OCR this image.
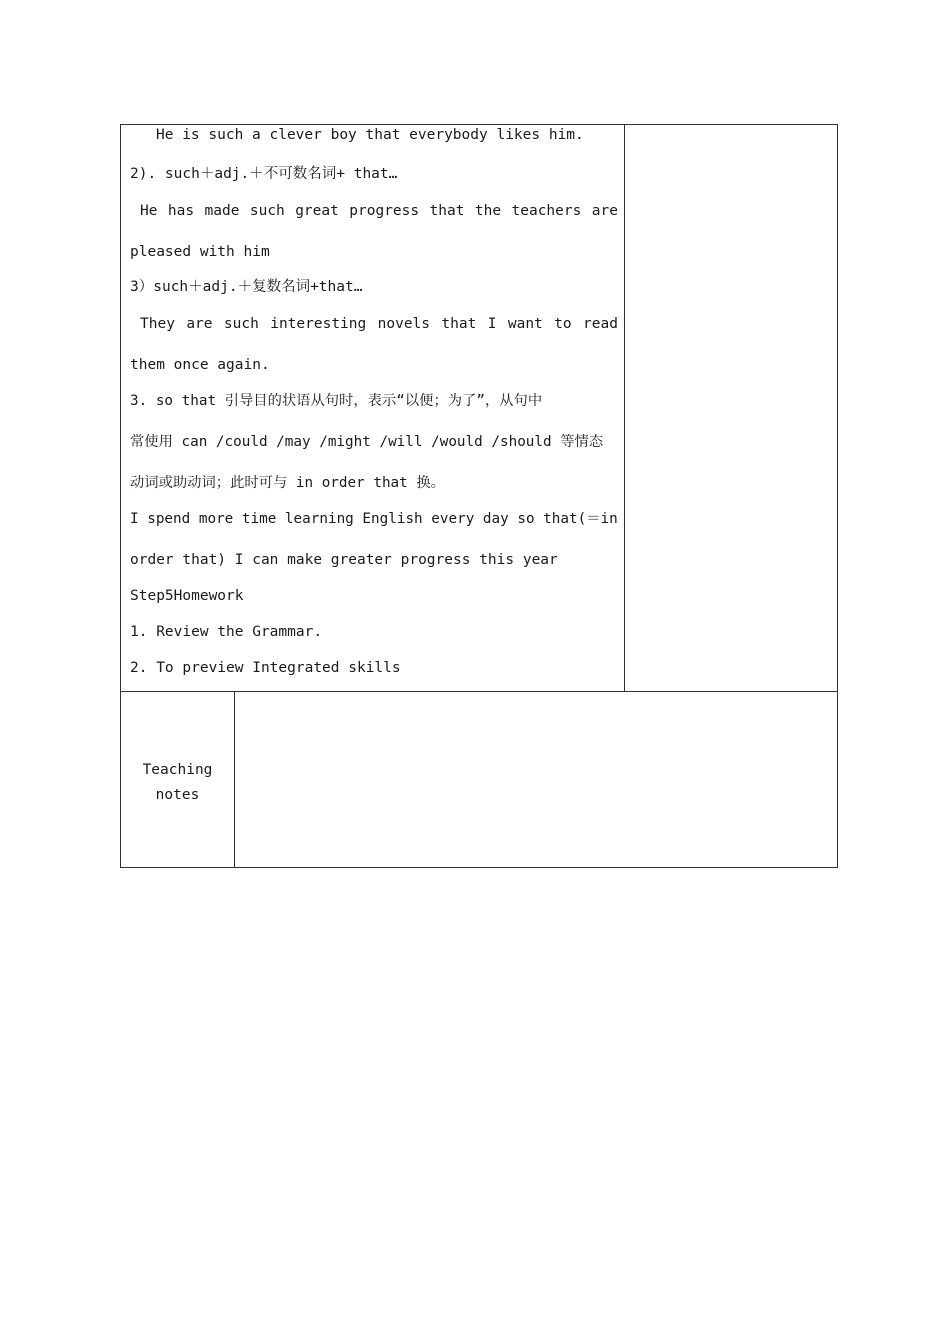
He is such a clever boy that everybody likes him.
2). such＋adj.＋不可数名词+ that…
He has made such great progress that the teachers are
pleased with him
3）such＋adj.＋复数名词+that…
They are such interesting novels that I want to read
them once again.
3. so that 引导目的状语从句时，表示“以便；为了”，从句中
常使用 can /could /may /might /will /would /should 等情态
动词或助动词；此时可与 in order that 换。
I spend more time learning English every day so that(＝in
order that) I can make greater progress this year
Step5Homework
1. Review the Grammar.
2. To preview Integrated skills
Teaching
notes
